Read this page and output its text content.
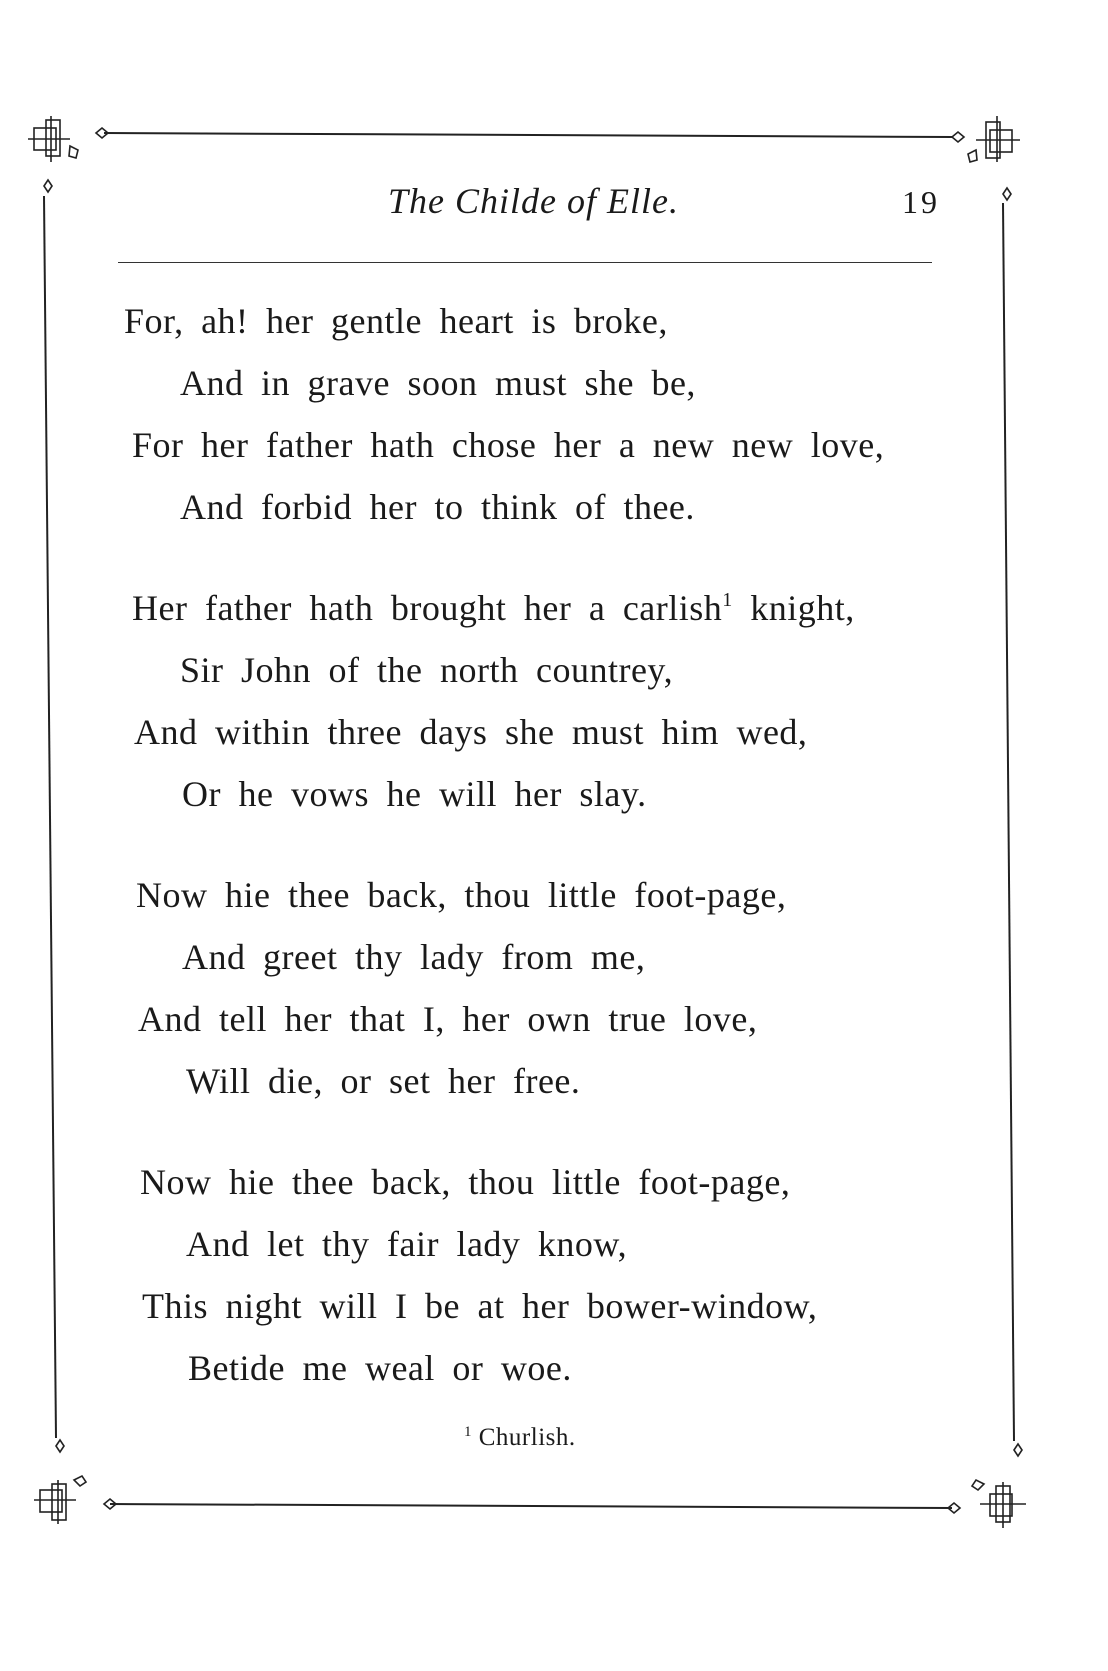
The Childe of Elle.	19
For, ah! her gentle heart is broke,
And in grave soon must she be,
For her father hath chose her a new new love,
And forbid her to think of thee.
Her father hath brought her a carlish$^1$ knight,
Sir John of the north countrey,
And within three days she must him wed,
Or he vows he will her slay.
Now hie thee back, thou little foot-page,
And greet thy lady from me,
And tell her that I, her own true love,
Will die, or set her free.
Now hie thee back, thou little foot-page,
And let thy fair lady know,
This night will I be at her bower-window,
Betide me weal or woe.
$^1$ Churlish.
